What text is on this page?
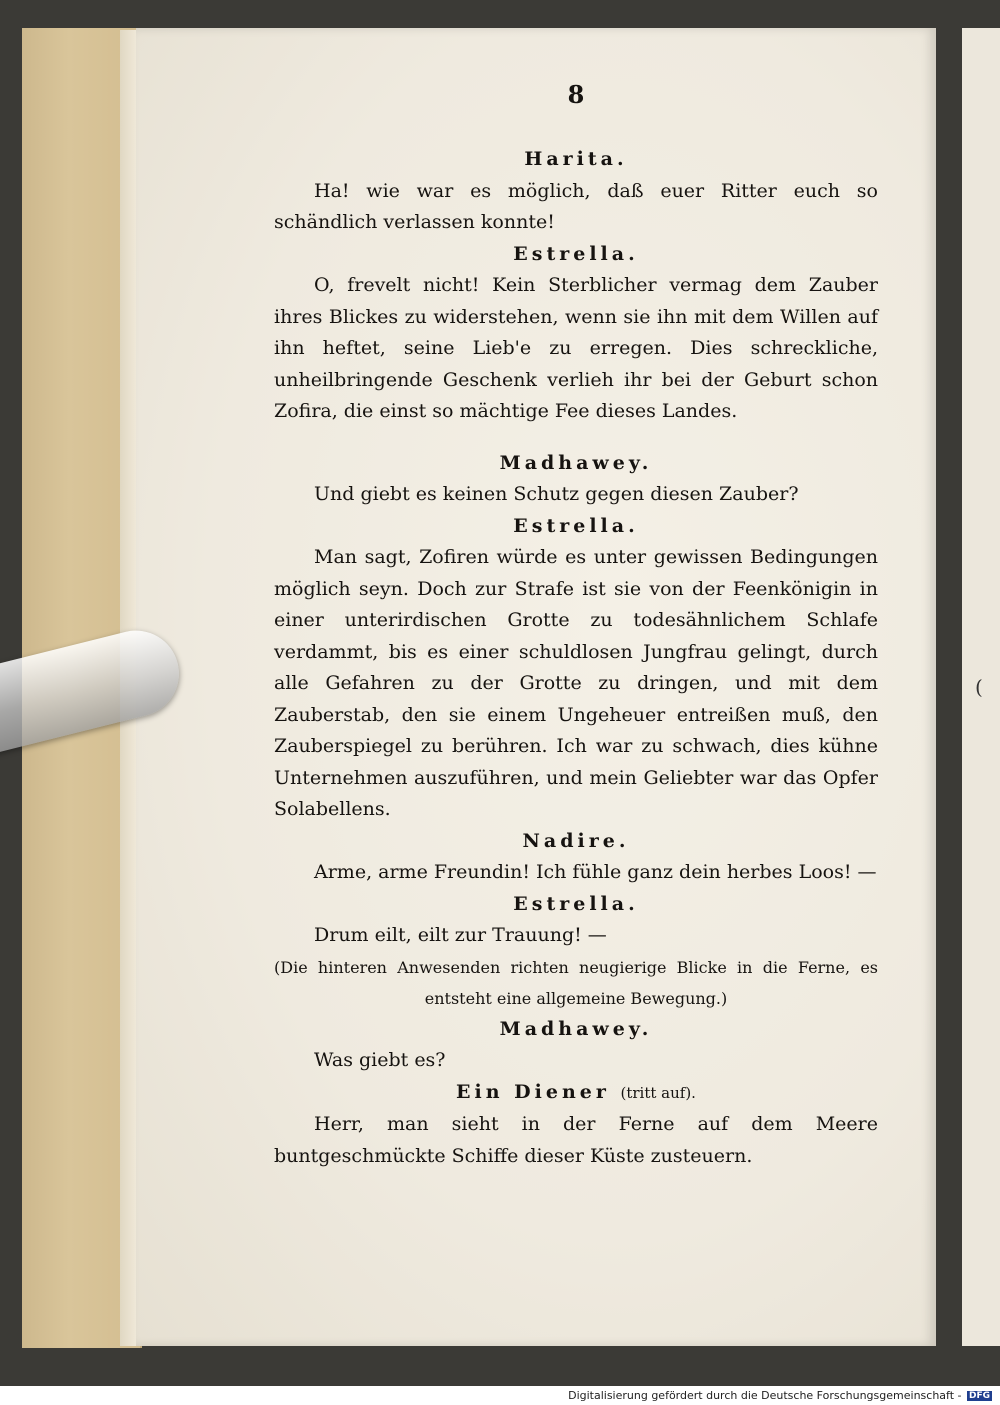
(

8

Harita.

Ha! wie war es möglich, daß euer Ritter euch so schändlich verlassen konnte!

Estrella.

O, frevelt nicht! Kein Sterblicher vermag dem Zauber ihres Blickes zu widerstehen, wenn sie ihn mit dem Willen auf ihn heftet, seine Lieb'e zu erregen. Dies schreckliche, unheilbringende Geschenk verlieh ihr bei der Geburt schon Zofira, die einst so mächtige Fee dieses Landes.

Madhawey.

Und giebt es keinen Schutz gegen diesen Zauber?

Estrella.

Man sagt, Zofiren würde es unter gewissen Bedingungen möglich seyn. Doch zur Strafe ist sie von der Feenkönigin in einer unterirdischen Grotte zu todesähnlichem Schlafe verdammt, bis es einer schuldlosen Jungfrau gelingt, durch alle Gefahren zu der Grotte zu dringen, und mit dem Zauberstab, den sie einem Ungeheuer entreißen muß, den Zauberspiegel zu berühren. Ich war zu schwach, dies kühne Unternehmen auszuführen, und mein Geliebter war das Opfer Solabellens.

Nadire.

Arme, arme Freundin! Ich fühle ganz dein herbes Loos! —

Estrella.

Drum eilt, eilt zur Trauung! —

(Die hinteren Anwesenden richten neugierige Blicke in die Ferne, es entsteht eine allgemeine Bewegung.)

Madhawey.

Was giebt es?

Ein Diener (tritt auf).

Herr, man sieht in der Ferne auf dem Meere buntgeschmückte Schiffe dieser Küste zusteuern.

Digitalisierung gefördert durch die Deutsche Forschungsgemeinschaft - DFG
